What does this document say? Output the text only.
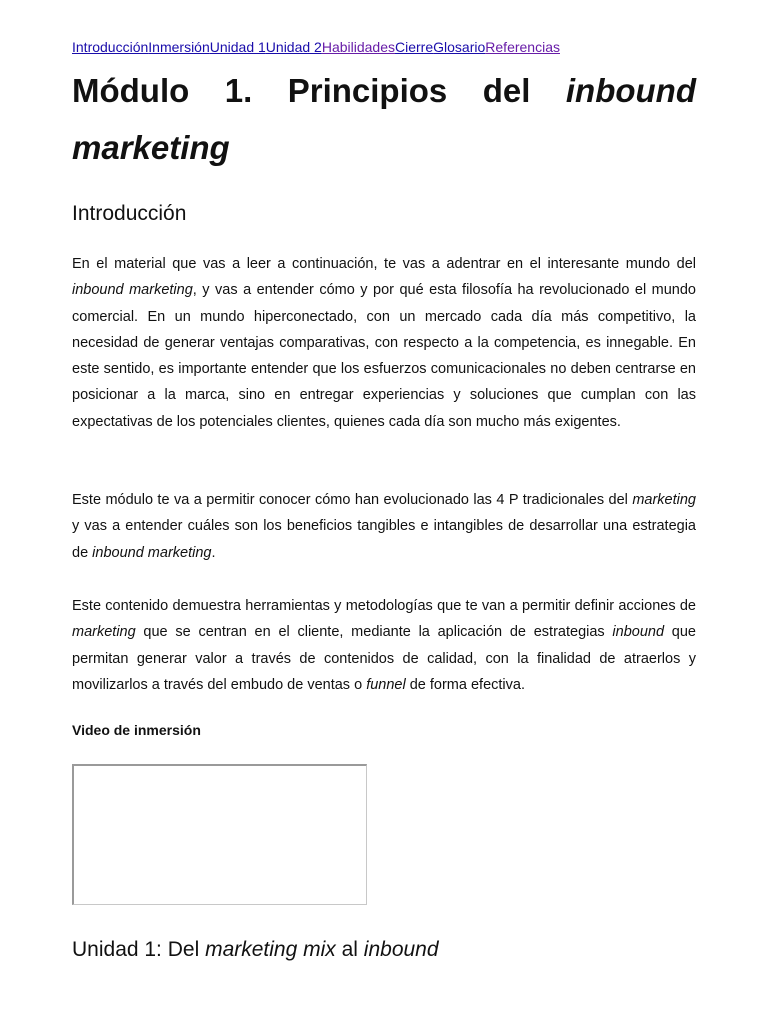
IntroducciónInmersiónUnidad 1Unidad 2HabilidadesCierreGlosarioReferencias
Módulo 1. Principios del inbound marketing
Introducción

En el material que vas a leer a continuación, te vas a adentrar en el interesante mundo del inbound marketing, y vas a entender cómo y por qué esta filosofía ha revolucionado el mundo comercial. En un mundo hiperconectado, con un mercado cada día más competitivo, la necesidad de generar ventajas comparativas, con respecto a la competencia, es innegable. En este sentido, es importante entender que los esfuerzos comunicacionales no deben centrarse en posicionar a la marca, sino en entregar experiencias y soluciones que cumplan con las expectativas de los potenciales clientes, quienes cada día son mucho más exigentes.

Este módulo te va a permitir conocer cómo han evolucionado las 4 P tradicionales del marketing y vas a entender cuáles son los beneficios tangibles e intangibles de desarrollar una estrategia de inbound marketing.

Este contenido demuestra herramientas y metodologías que te van a permitir definir acciones de marketing que se centran en el cliente, mediante la aplicación de estrategias inbound que permitan generar valor a través de contenidos de calidad, con la finalidad de atraerlos y movilizarlos a través del embudo de ventas o funnel de forma efectiva.

Video de inmersión

Unidad 1: Del marketing mix al inbound
